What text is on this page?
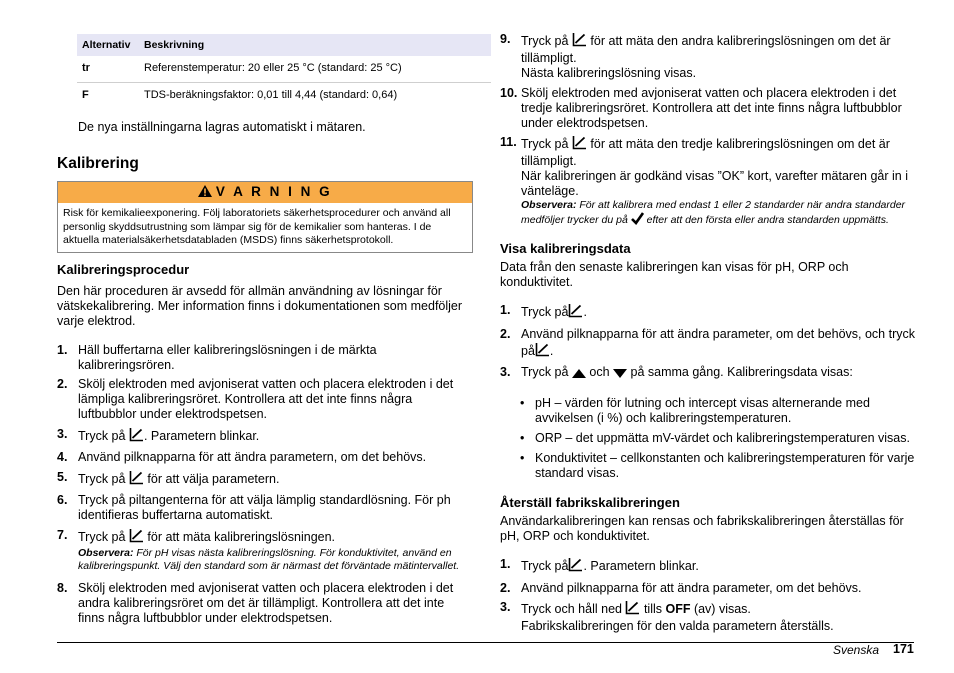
Alternativ	Beskrivning
tr	Referenstemperatur: 20 eller 25 °C (standard: 25 °C)
F	TDS-beräkningsfaktor: 0,01 till 4,44 (standard: 0,64)

De nya inställningarna lagras automatiskt i mätaren.

Kalibrering
V A R N I N G
Risk för kemikalieexponering. Följ laboratoriets säkerhetsprocedurer och använd all personlig skyddsutrustning som lämpar sig för de kemikalier som hanteras. I de aktuella materialsäkerhetsdatabladen (MSDS) finns säkerhetsprotokoll.
Kalibreringsprocedur

Den här proceduren är avsedd för allmän användning av lösningar för vätskekalibrering. Mer information finns i dokumentationen som medföljer varje elektrod.

1. Häll buffertarna eller kalibreringslösningen i de märkta kalibreringsrören.
2. Skölj elektroden med avjoniserat vatten och placera elektroden i det lämpliga kalibreringsröret. Kontrollera att det inte finns några luftbubblor under elektrodspetsen.
3. Tryck på . Parametern blinkar.
4. Använd pilknapparna för att ändra parametern, om det behövs.
5. Tryck på  för att välja parametern.
6. Tryck på piltangenterna för att välja lämplig standardlösning. För ph identifieras buffertarna automatiskt.
7. Tryck på  för att mäta kalibreringslösningen.
Observera: För pH visas nästa kalibreringslösning. För konduktivitet, använd en kalibreringspunkt. Välj den standard som är närmast det förväntade mätintervallet.
8. Skölj elektroden med avjoniserat vatten och placera elektroden i det andra kalibreringsröret om det är tillämpligt. Kontrollera att det inte finns några luftbubblor under elektrodspetsen.
9. Tryck på  för att mäta den andra kalibreringslösningen om det är tillämpligt.
Nästa kalibreringslösning visas.
10. Skölj elektroden med avjoniserat vatten och placera elektroden i det tredje kalibreringsröret. Kontrollera att det inte finns några luftbubblor under elektrodspetsen.
11. Tryck på  för att mäta den tredje kalibreringslösningen om det är tillämpligt.
När kalibreringen är godkänd visas ”OK” kort, varefter mätaren går in i vänteläge.
Observera: För att kalibrera med endast 1 eller 2 standarder när andra standarder medföljer trycker du på  efter att den första eller andra standarden uppmätts.
Visa kalibreringsdata

Data från den senaste kalibreringen kan visas för pH, ORP och konduktivitet.

1. Tryck på .
2. Använd pilknapparna för att ändra parameter, om det behövs, och tryck på .
3. Tryck på  och  på samma gång. Kalibreringsdata visas:
• pH – värden för lutning och intercept visas alternerande med avvikelsen (i %) och kalibreringstemperaturen.
• ORP – det uppmätta mV-värdet och kalibreringstemperaturen visas.
• Konduktivitet – cellkonstanten och kalibreringstemperaturen för varje standard visas.
Återställ fabrikskalibreringen

Användarkalibreringen kan rensas och fabrikskalibreringen återställas för pH, ORP och konduktivitet.

1. Tryck på . Parametern blinkar.
2. Använd pilknapparna för att ändra parameter, om det behövs.
3. Tryck och håll ned  tills OFF (av) visas.
Fabrikskalibreringen för den valda parametern återställs.
Svenska 171
